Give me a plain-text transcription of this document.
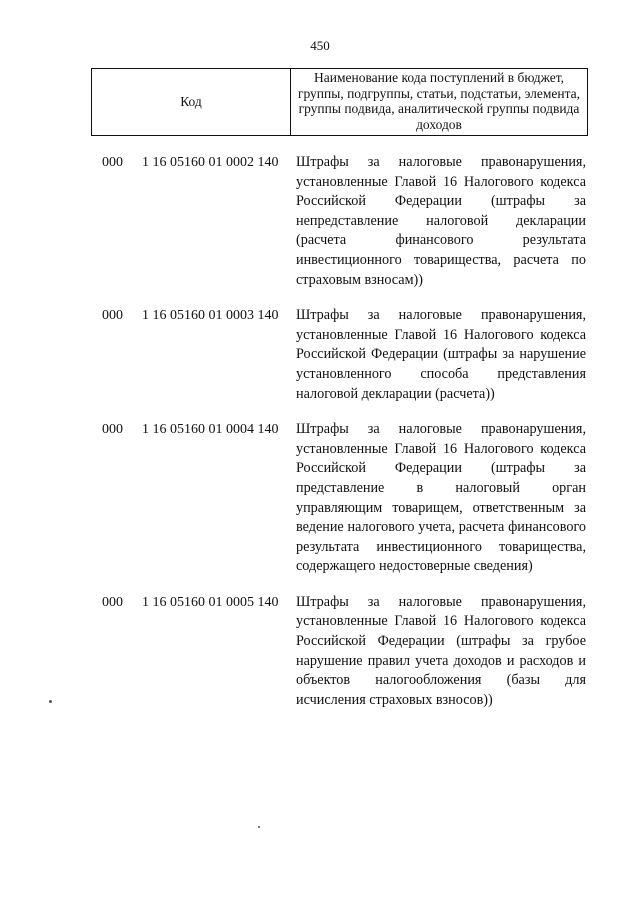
450
Код
Наименование кода поступлений в бюджет, группы, подгруппы, статьи, подстатьи, элемента, группы подвида, аналитической группы подвида доходов
000 1 16 05160 01 0002 140 Штрафы за налоговые правонарушения, установленные Главой 16 Налогового кодекса Российской Федерации (штрафы за непредставление налоговой декларации (расчета финансового результата инвестиционного товарищества, расчета по страховым взносам))
000 1 16 05160 01 0003 140 Штрафы за налоговые правонарушения, установленные Главой 16 Налогового кодекса Российской Федерации (штрафы за нарушение установленного способа представления налоговой декларации (расчета))
000 1 16 05160 01 0004 140 Штрафы за налоговые правонарушения, установленные Главой 16 Налогового кодекса Российской Федерации (штрафы за представление в налоговый орган управляющим товарищем, ответственным за ведение налогового учета, расчета финансового результата инвестиционного товарищества, содержащего недостоверные сведения)
000 1 16 05160 01 0005 140 Штрафы за налоговые правонарушения, установленные Главой 16 Налогового кодекса Российской Федерации (штрафы за грубое нарушение правил учета доходов и расходов и объектов налогообложения (базы для исчисления страховых взносов))
